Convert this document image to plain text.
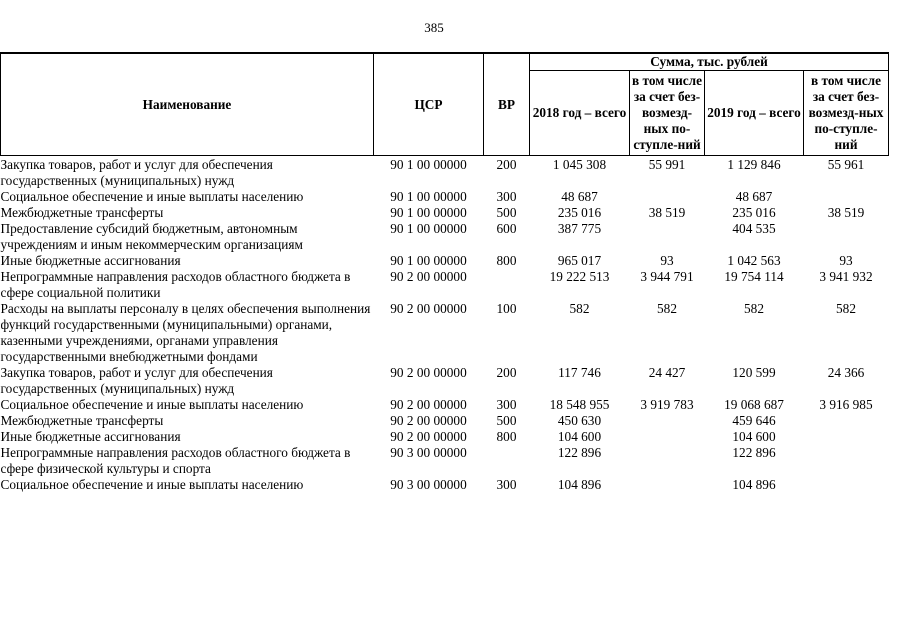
385
Наименование	ЦСР	ВР	Сумма, тыс. рублей			
			2018 год – всего	в том числе за счет без-возмезд-ных по-ступле-ний	2019 год – всего	в том числе за счет без-возмезд-ных по-ступле-ний
Закупка товаров, работ и услуг для обеспечения государственных (муниципальных) нужд	90 1 00 00000	200	1 045 308	55 991	1 129 846	55 961
Социальное обеспечение и иные выплаты населению	90 1 00 00000	300	48 687		48 687	
Межбюджетные трансферты	90 1 00 00000	500	235 016	38 519	235 016	38 519
Предоставление субсидий бюджетным, автономным учреждениям и иным некоммерческим организациям	90 1 00 00000	600	387 775		404 535	
Иные бюджетные ассигнования	90 1 00 00000	800	965 017	93	1 042 563	93
Непрограммные направления расходов областного бюджета в сфере социальной политики	90 2 00 00000		19 222 513	3 944 791	19 754 114	3 941 932
Расходы на выплаты персоналу в целях обеспечения выполнения функций государственными (муниципальными) органами, казенными учреждениями, органами управления государственными внебюджетными фондами	90 2 00 00000	100	582	582	582	582
Закупка товаров, работ и услуг для обеспечения государственных (муниципальных) нужд	90 2 00 00000	200	117 746	24 427	120 599	24 366
Социальное обеспечение и иные выплаты населению	90 2 00 00000	300	18 548 955	3 919 783	19 068 687	3 916 985
Межбюджетные трансферты	90 2 00 00000	500	450 630		459 646	
Иные бюджетные ассигнования	90 2 00 00000	800	104 600		104 600	
Непрограммные направления расходов областного бюджета в сфере физической культуры и спорта	90 3 00 00000		122 896		122 896	
Социальное обеспечение и иные выплаты населению	90 3 00 00000	300	104 896		104 896	
